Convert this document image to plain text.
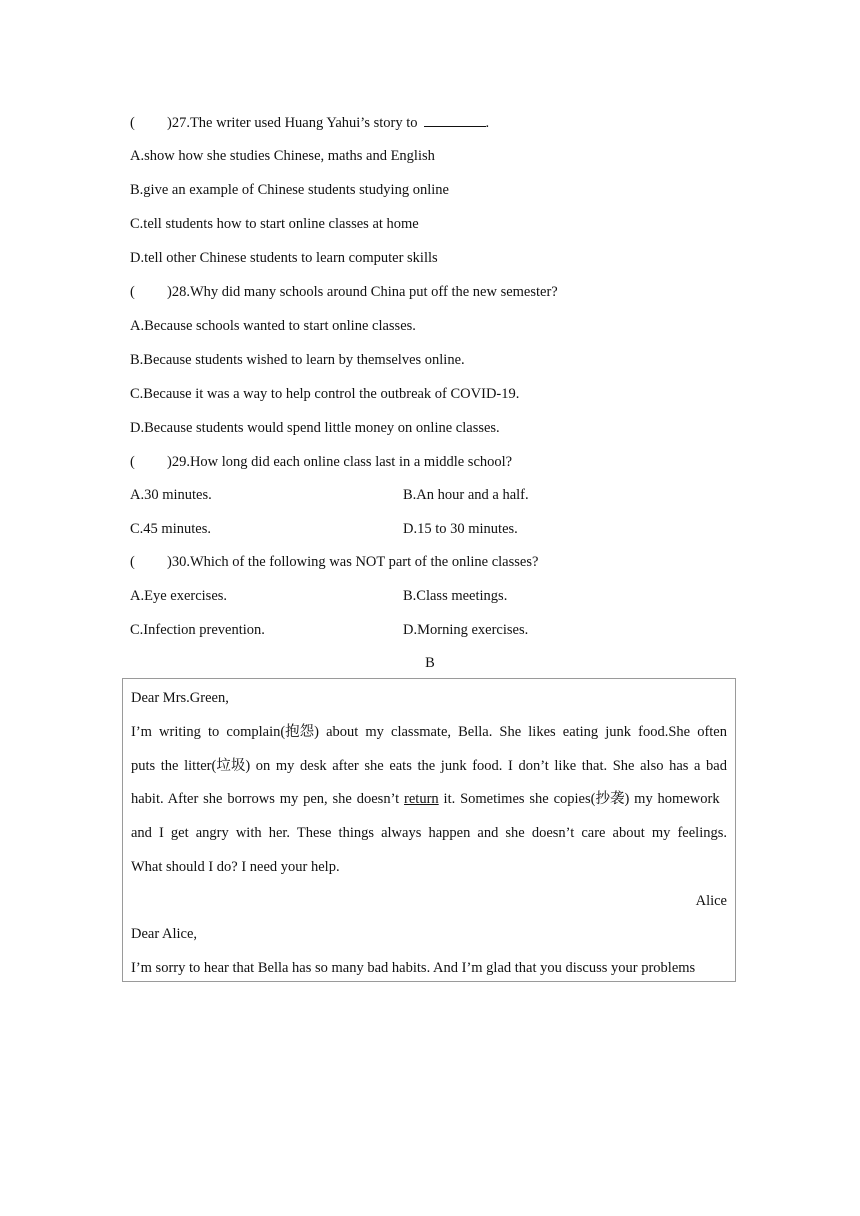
( )27.The writer used Huang Yahui’s story to	.
A.show how she studies Chinese, maths and English
B.give an example of Chinese students studying online
C.tell students how to start online classes at home
D.tell other Chinese students to learn computer skills
( )28.Why did many schools around China put off the new semester?
A.Because schools wanted to start online classes.
B.Because students wished to learn by themselves online.
C.Because it was a way to help control the outbreak of COVID-19.
D.Because students would spend little money on online classes.
( )29.How long did each online class last in a middle school?
A.30 minutes.	B.An hour and a half.
C.45 minutes.	D.15 to 30 minutes.
( )30.Which of the following was NOT part of the online classes?
A.Eye exercises.	B.Class meetings.
C.Infection prevention.	D.Morning exercises.
B
Dear Mrs.Green,
I’m writing to complain(抱怨) about my classmate, Bella. She likes eating junk food.She often
puts the litter(垃圾) on my desk after she eats the junk food. I don’t like that. She also has a bad
habit. After she borrows my pen, she doesn’t return it. Sometimes she copies(抄袭) my homework
and I get angry with her. These things always happen and she doesn’t care about my feelings.
What should I do? I need your help.
Alice
Dear Alice,
I’m sorry to hear that Bella has so many bad habits. And I’m glad that you discuss your problems
